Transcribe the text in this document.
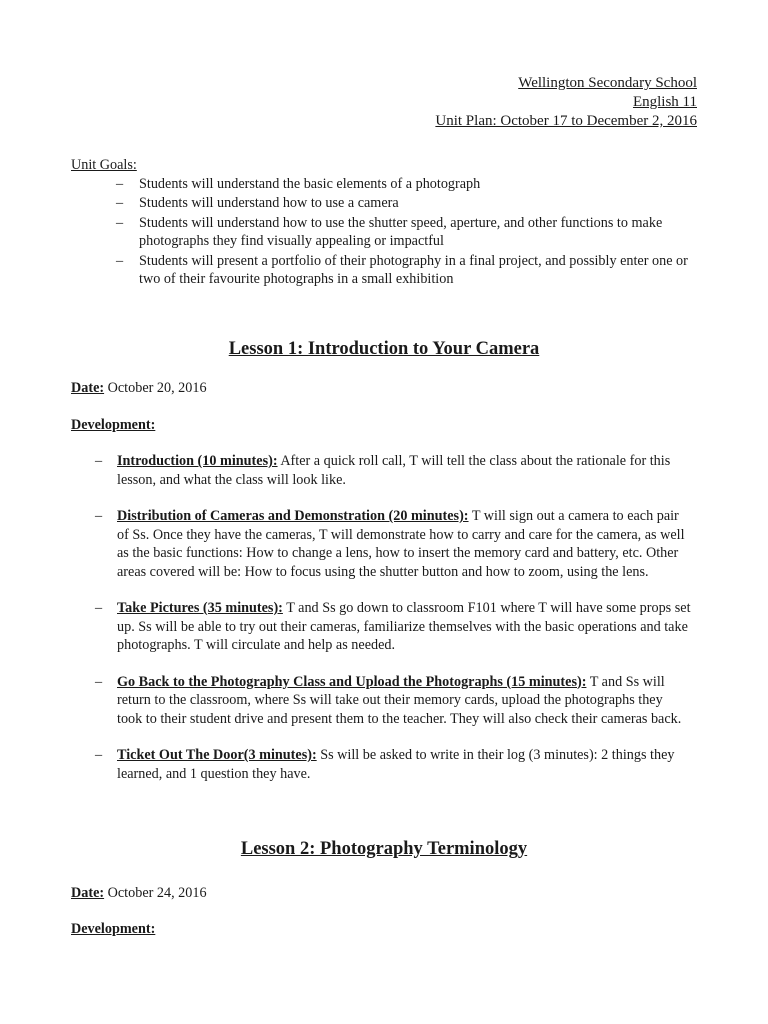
Wellington Secondary School
English 11
Unit Plan: October 17 to December 2, 2016
Unit Goals:
– Students will understand the basic elements of a photograph
– Students will understand how to use a camera
– Students will understand how to use the shutter speed, aperture, and other functions to make photographs they find visually appealing or impactful
– Students will present a portfolio of their photography in a final project, and possibly enter one or two of their favourite photographs in a small exhibition
Lesson 1: Introduction to Your Camera
Date: October 20, 2016
Development:
– Introduction (10 minutes): After a quick roll call, T will tell the class about the rationale for this lesson, and what the class will look like.
– Distribution of Cameras and Demonstration (20 minutes): T will sign out a camera to each pair of Ss. Once they have the cameras, T will demonstrate how to carry and care for the camera, as well as the basic functions: How to change a lens, how to insert the memory card and battery, etc. Other areas covered will be: How to focus using the shutter button and how to zoom, using the lens.
– Take Pictures (35 minutes): T and Ss go down to classroom F101 where T will have some props set up. Ss will be able to try out their cameras, familiarize themselves with the basic operations and take photographs. T will circulate and help as needed.
– Go Back to the Photography Class and Upload the Photographs (15 minutes): T and Ss will return to the classroom, where Ss will take out their memory cards, upload the photographs they took to their student drive and present them to the teacher. They will also check their cameras back.
– Ticket Out The Door(3 minutes): Ss will be asked to write in their log (3 minutes): 2 things they learned, and 1 question they have.
Lesson 2: Photography Terminology
Date: October 24, 2016
Development:
